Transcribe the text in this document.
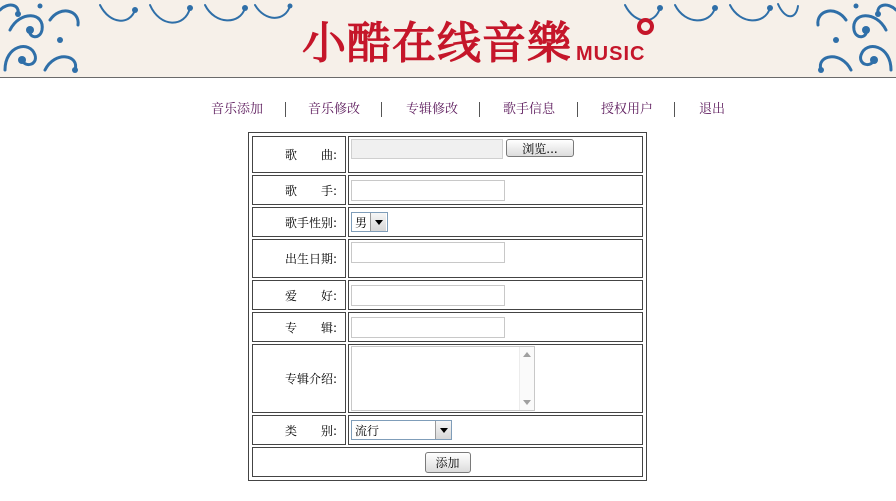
小酷在线音樂 MUSIC
音乐添加	音乐修改	专辑修改	歌手信息	授权用户	退出
歌　　曲:	浏览...
歌　　手:
歌手性别:	男
出生日期:
爱　　好:
专　　辑:
专辑介绍:
类　　别:	流行
添加
